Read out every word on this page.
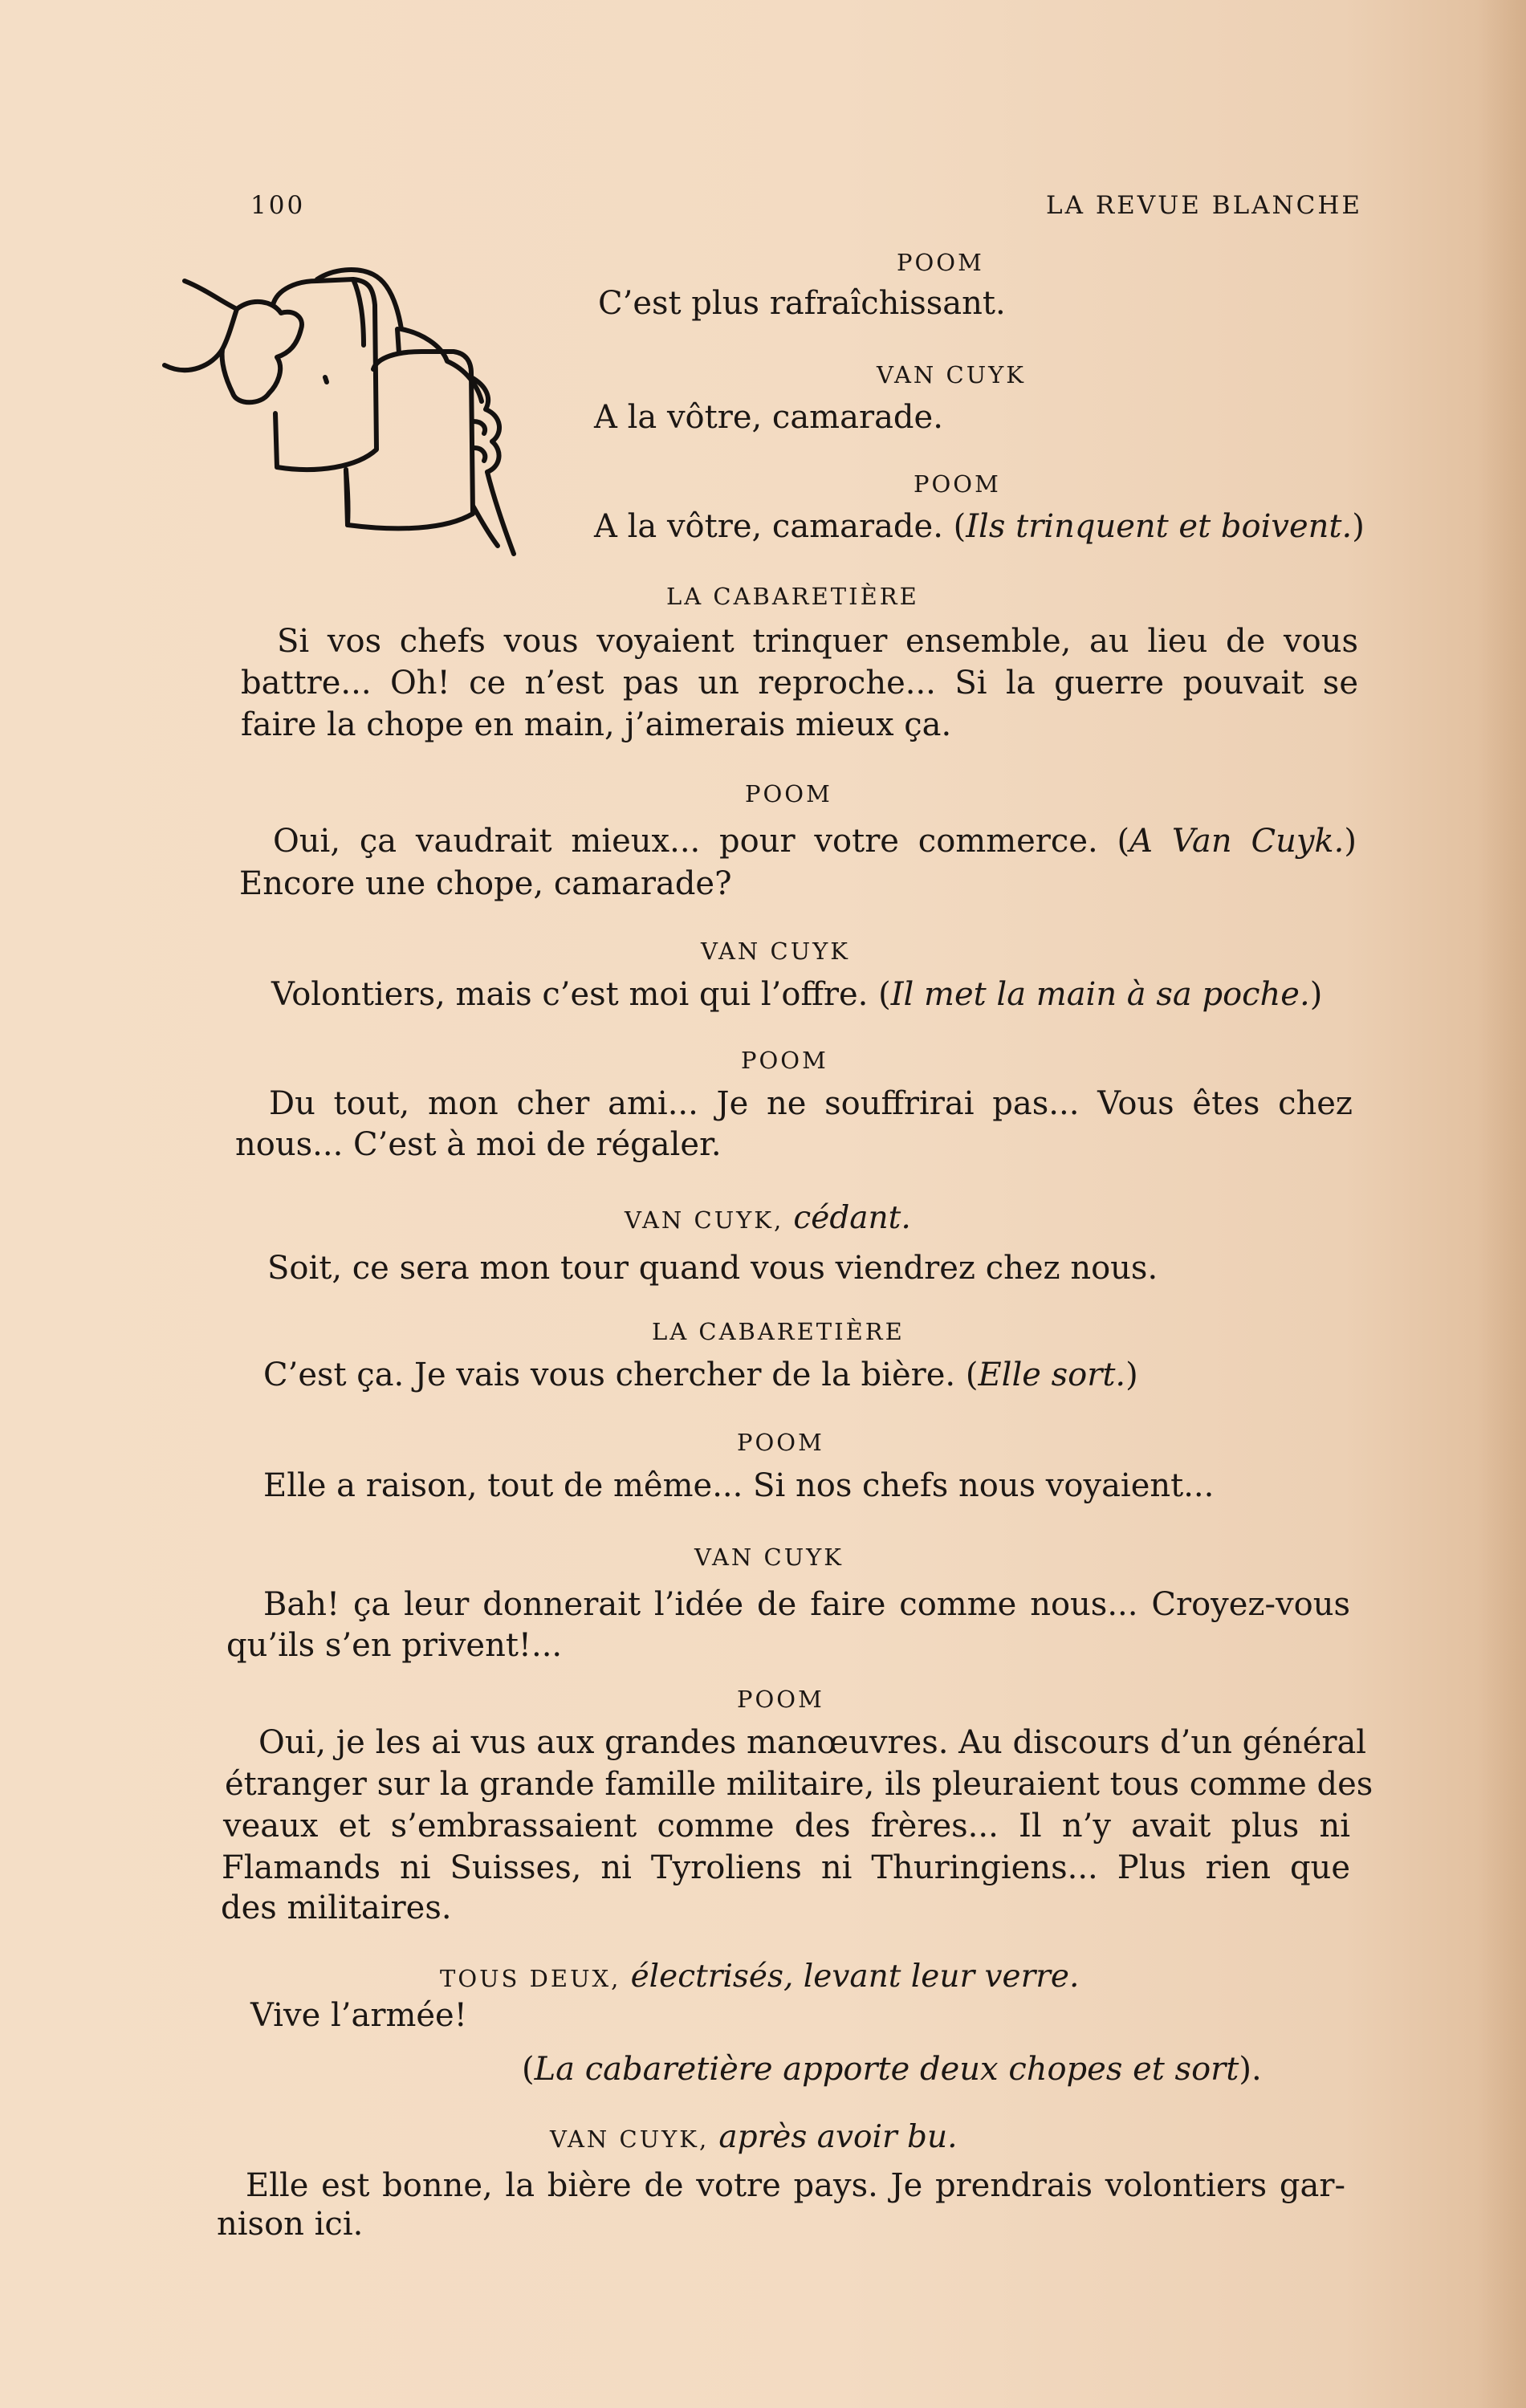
100	LA REVUE BLANCHE
POOM
C’est plus rafraîchissant.
VAN CUYK
A la vôtre, camarade.
POOM
A la vôtre, camarade. (Ils trinquent et boivent.)
LA CABARETIÈRE
Si vos chefs vous voyaient trinquer ensemble, au lieu de vous
battre... Oh! ce n’est pas un reproche... Si la guerre pouvait se
faire la chope en main, j’aimerais mieux ça.
POOM
Oui, ça vaudrait mieux... pour votre commerce. (A Van Cuyk.)
Encore une chope, camarade?
VAN CUYK
Volontiers, mais c’est moi qui l’offre. (Il met la main à sa poche.)
POOM
Du tout, mon cher ami... Je ne souffrirai pas... Vous êtes chez
nous... C’est à moi de régaler.
VAN CUYK, cédant.
Soit, ce sera mon tour quand vous viendrez chez nous.
LA CABARETIÈRE
C’est ça. Je vais vous chercher de la bière. (Elle sort.)
POOM
Elle a raison, tout de même... Si nos chefs nous voyaient...
VAN CUYK
Bah! ça leur donnerait l’idée de faire comme nous... Croyez-vous
qu’ils s’en privent!...
POOM
Oui, je les ai vus aux grandes manœuvres. Au discours d’un général
étranger sur la grande famille militaire, ils pleuraient tous comme des
veaux et s’embrassaient comme des frères... Il n’y avait plus ni
Flamands ni Suisses, ni Tyroliens ni Thuringiens... Plus rien que
des militaires.
TOUS DEUX, électrisés, levant leur verre.
Vive l’armée!
(La cabaretière apporte deux chopes et sort).
VAN CUYK, après avoir bu.
Elle est bonne, la bière de votre pays. Je prendrais volontiers gar-
nison ici.
